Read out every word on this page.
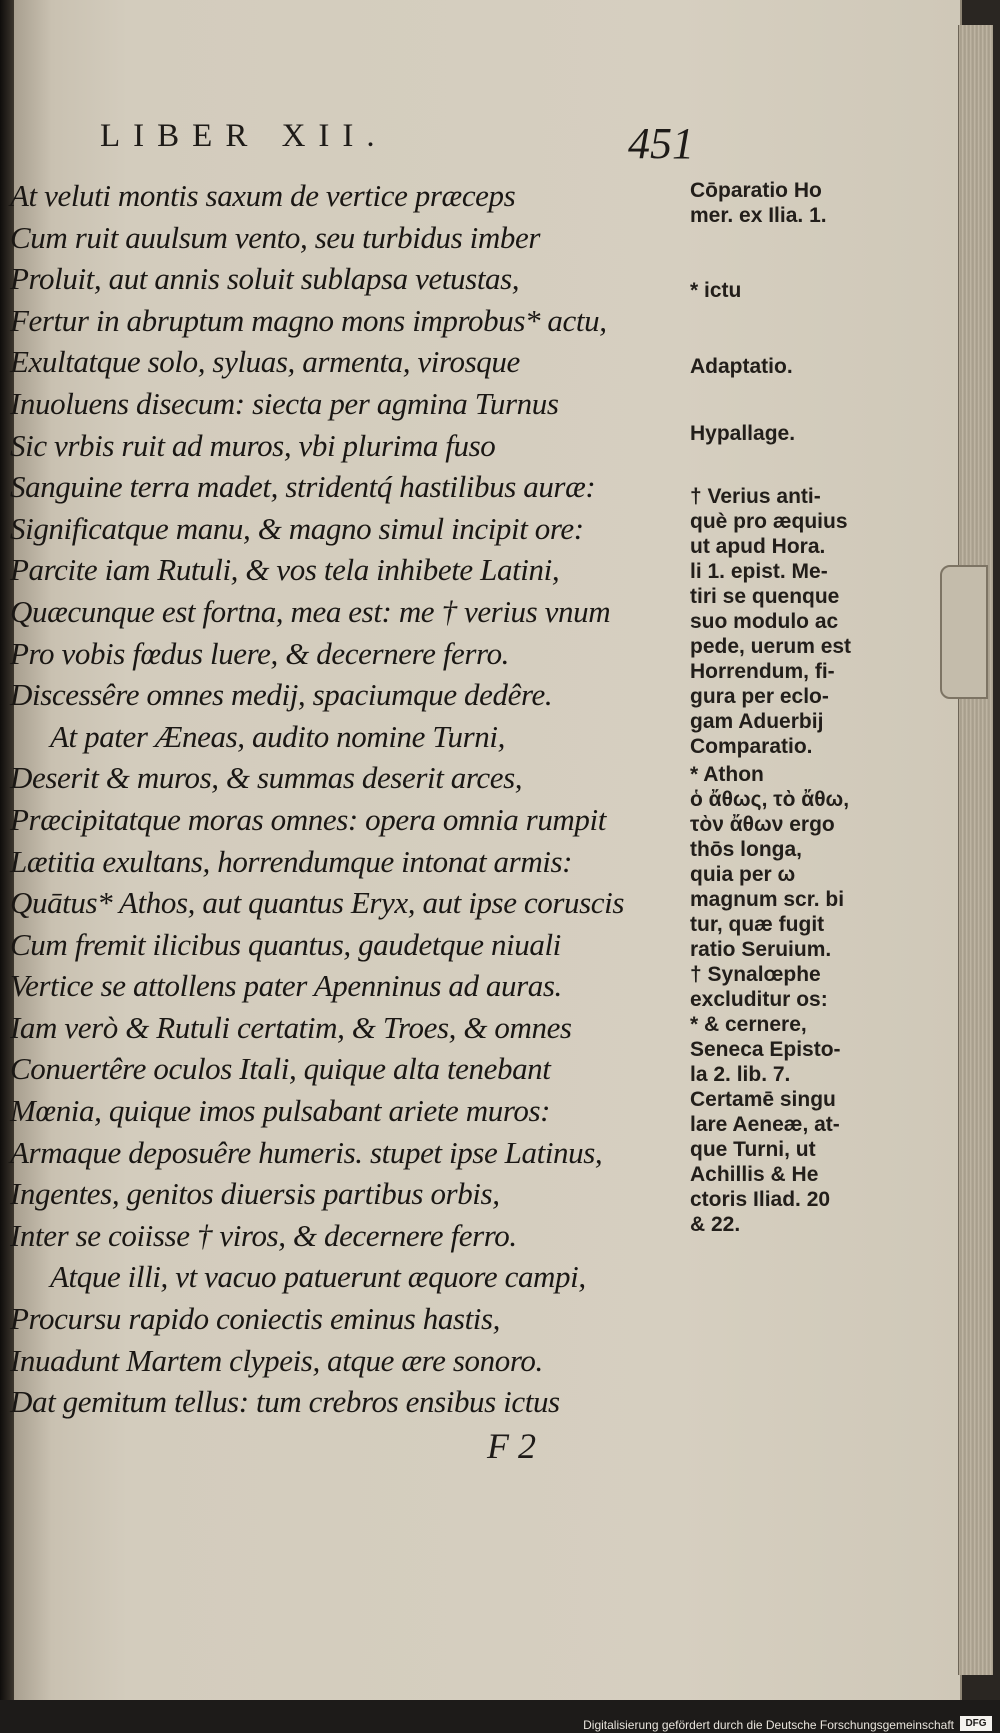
LIBER XII.	451
At veluti montis saxum de vertice præceps
Cum ruit auulsum vento, seu turbidus imber
Proluit, aut annis soluit sublapsa vetustas,
Fertur in abruptum magno mons improbus* actu,
Exultatque solo, syluas, armenta, virosque
Inuoluens disecum: siecta per agmina Turnus
Sic vrbis ruit ad muros, vbi plurima fuso
Sanguine terra madet, stridentq́ hastilibus auræ:
Significatque manu, & magno simul incipit ore:
Parcite iam Rutuli, & vos tela inhibete Latini,
Quæcunque est fortna, mea est: me † verius vnum
Pro vobis fœdus luere, & decernere ferro.
Discessêre omnes medij, spaciumque dedêre.
At pater Æneas, audito nomine Turni,
Deserit & muros, & summas deserit arces,
Præcipitatque moras omnes: opera omnia rumpit
Lætitia exultans, horrendumque intonat armis:
Quātus* Athos, aut quantus Eryx, aut ipse coruscis
Cum fremit ilicibus quantus, gaudetque niuali
Vertice se attollens pater Apenninus ad auras.
Iam verò & Rutuli certatim, & Troes, & omnes
Conuertêre oculos Itali, quique alta tenebant
Mœnia, quique imos pulsabant ariete muros:
Armaque deposuêre humeris. stupet ipse Latinus,
Ingentes, genitos diuersis partibus orbis,
Inter se coiisse † viros, & decernere ferro.
Atque illi, vt vacuo patuerunt æquore campi,
Procursu rapido coniectis eminus hastis,
Inuadunt Martem clypeis, atque ære sonoro.
Dat gemitum tellus: tum crebros ensibus ictus
F 2
Cōparatio Ho
mer. ex Ilia. 1.
* ictu
Adaptatio.
Hypallage.
† Verius anti-
què pro æquius
ut apud Hora.
li 1. epist. Me-
tiri se quenque
suo modulo ac
pede, uerum est
Horrendum, fi-
gura per eclo-
gam Aduerbij
Comparatio.
* Athon
ὁ ἄθως, τὸ ἄθω,
τὸν ἄθων ergo
thōs longa,
quia per ω
magnum scr. bi
tur, quæ fugit
ratio Seruium.
† Synalœphe
excluditur os:
* & cernere,
Seneca Episto-
la 2. lib. 7.
Certamē singu
lare Aeneæ, at-
que Turni, ut
Achillis & He
ctoris Iliad. 20
& 22.
Digitalisierung gefördert durch die Deutsche Forschungsgemeinschaft	DFG
